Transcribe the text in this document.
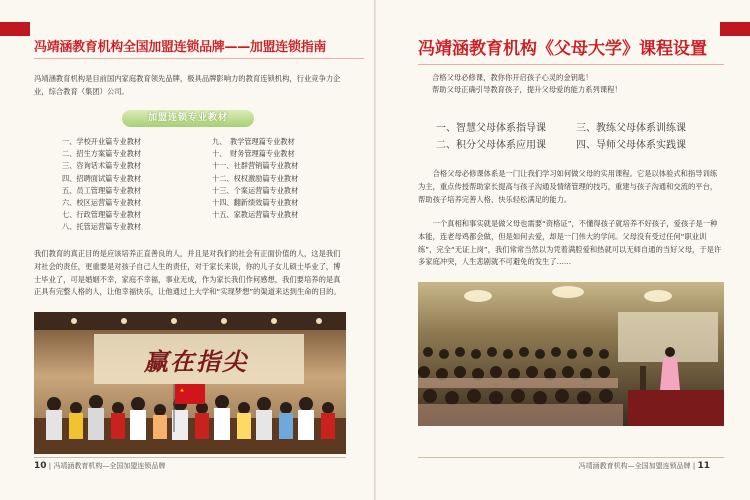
冯靖涵教育机构全国加盟连锁品牌——加盟连锁指南
冯靖涵教育机构是目前国内家庭教育领先品牌，极具品牌影响力的教育连锁机构，行业竞争力企业，综合教育（集团）公司。
加盟连锁专业教材
一、学校开业篇专业教材
二、招生方案篇专业教材
三、咨询话术篇专业教材
四、招聘面试篇专业教材
五、员工管理篇专业教材
六、校区运营篇专业教材
七、行政管理篇专业教材
八、托管运营篇专业教材
九、　教学管理篇专业教材
十、　财务管理篇专业教材
十一、社群营销篇专业教材
十二、权权激励篇专业教材
十三、个案运营篇专业教材
十四、翻新绩效篇专业教材
十五、家教运营篇专业教材
我们教育的真正目的是应该培养正直善良的人，并且是对我们的社会有正面价值的人，这是我们对社会的责任，更重要是对孩子自己人生的责任，对于家长来说，你的儿子女儿硕士毕业了，博士毕业了，可是婚姻不幸，家庭不幸福，事业无成，作为家长我们作何感想，我们要培养的是真正具有完整人格的人，让他幸福快乐，让他通过上大学和“实现梦想”的渠道来达到生命的目的。
赢在指尖
10 | 冯靖涵教育机构—全国加盟连锁品牌
冯靖涵教育机构《父母大学》课程设置
合格父母必修课，教你你开启孩子心灵的金钥匙！
帮助父母正确引导教育孩子，提升父母爱的能力系列课程！
一、智慧父母体系指导课	三、教练父母体系训练课
二、积分父母体系应用课	四、导师父母体系实践课
合格父母必修课体系是一门让我们学习如何做父母的实用课程。它是以体验式和指导训练为主，重点传授帮助家长提高与孩子沟通及情绪管理的技巧，重建与孩子沟通和交流的平台，帮助孩子培养完善人格、快乐轻松满足的能力。
一个真相和事实就是做父母也需要“资格证”，不懂得孩子就培养不好孩子，爱孩子是一种本能，连老母鸡都会做，但是如何去爱，却是一门伟大的学问。父母没有受过任何“职业训练”，完全“无证上岗”，我们常常当然以为凭着满腔爱和热就可以无师自通的当好父母，于是许多家庭冲突，人生悲剧就不可避免的发生了……
冯靖涵教育机构—全国加盟连锁品牌 | 11
